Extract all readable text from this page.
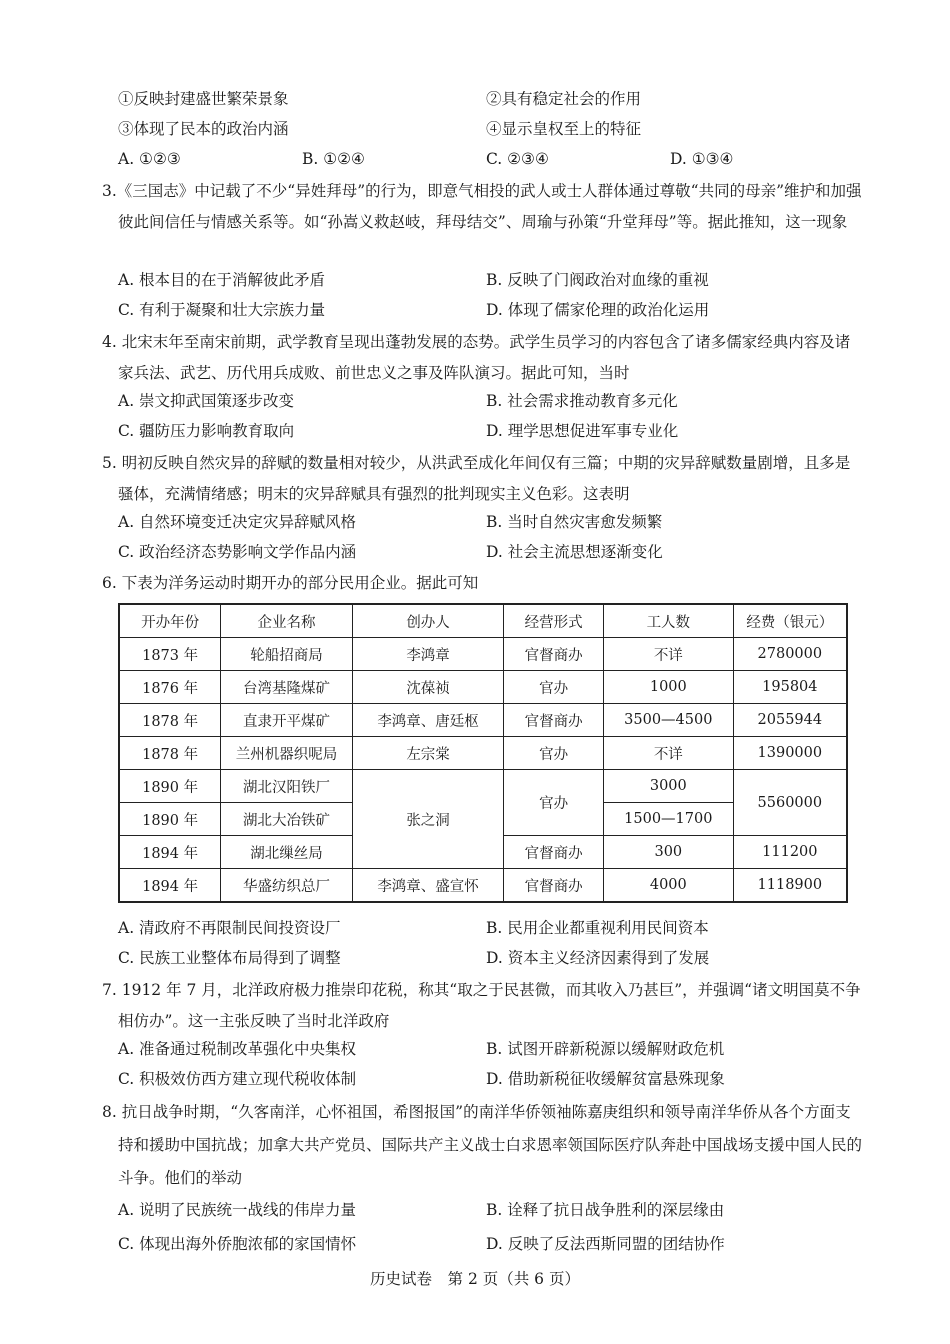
①反映封建盛世繁荣景象	②具有稳定社会的作用
③体现了民本的政治内涵	④显示皇权至上的特征
A. ①②③	B. ①②④	C. ②③④	D. ①③④
3.《三国志》中记载了不少“异姓拜母”的行为，即意气相投的武人或士人群体通过尊敬“共同的母亲”维护和加强彼此间信任与情感关系等。如“孙嵩义救赵岐，拜母结交”、周瑜与孙策“升堂拜母”等。据此推知，这一现象
A. 根本目的在于消解彼此矛盾	B. 反映了门阀政治对血缘的重视
C. 有利于凝聚和壮大宗族力量	D. 体现了儒家伦理的政治化运用
4. 北宋末年至南宋前期，武学教育呈现出蓬勃发展的态势。武学生员学习的内容包含了诸多儒家经典内容及诸家兵法、武艺、历代用兵成败、前世忠义之事及阵队演习。据此可知，当时
A. 崇文抑武国策逐步改变	B. 社会需求推动教育多元化
C. 疆防压力影响教育取向	D. 理学思想促进军事专业化
5. 明初反映自然灾异的辞赋的数量相对较少，从洪武至成化年间仅有三篇；中期的灾异辞赋数量剧增，且多是骚体，充满情绪感；明末的灾异辞赋具有强烈的批判现实主义色彩。这表明
A. 自然环境变迁决定灾异辞赋风格	B. 当时自然灾害愈发频繁
C. 政治经济态势影响文学作品内涵	D. 社会主流思想逐渐变化
6. 下表为洋务运动时期开办的部分民用企业。据此可知
开办年份	企业名称	创办人	经营形式	工人数	经费（银元）
1873 年	轮船招商局	李鸿章	官督商办	不详	2780000
1876 年	台湾基隆煤矿	沈葆祯	官办	1000	195804
1878 年	直隶开平煤矿	李鸿章、唐廷枢	官督商办	3500—4500	2055944
1878 年	兰州机器织呢局	左宗棠	官办	不详	1390000
1890 年	湖北汉阳铁厂	张之洞	官办	3000	5560000
1890 年	湖北大冶铁矿			1500—1700	
1894 年	湖北缫丝局		官督商办	300	111200
1894 年	华盛纺织总厂	李鸿章、盛宣怀	官督商办	4000	1118900
A. 清政府不再限制民间投资设厂	B. 民用企业都重视利用民间资本
C. 民族工业整体布局得到了调整	D. 资本主义经济因素得到了发展
7. 1912 年 7 月，北洋政府极力推崇印花税，称其“取之于民甚微，而其收入乃甚巨”，并强调“诸文明国莫不争相仿办”。这一主张反映了当时北洋政府
A. 准备通过税制改革强化中央集权	B. 试图开辟新税源以缓解财政危机
C. 积极效仿西方建立现代税收体制	D. 借助新税征收缓解贫富悬殊现象
8. 抗日战争时期，“久客南洋，心怀祖国，希图报国”的南洋华侨领袖陈嘉庚组织和领导南洋华侨从各个方面支持和援助中国抗战；加拿大共产党员、国际共产主义战士白求恩率领国际医疗队奔赴中国战场支援中国人民的斗争。他们的举动
A. 说明了民族统一战线的伟岸力量	B. 诠释了抗日战争胜利的深层缘由
C. 体现出海外侨胞浓郁的家国情怀	D. 反映了反法西斯同盟的团结协作
历史试卷　第 2 页（共 6 页）
